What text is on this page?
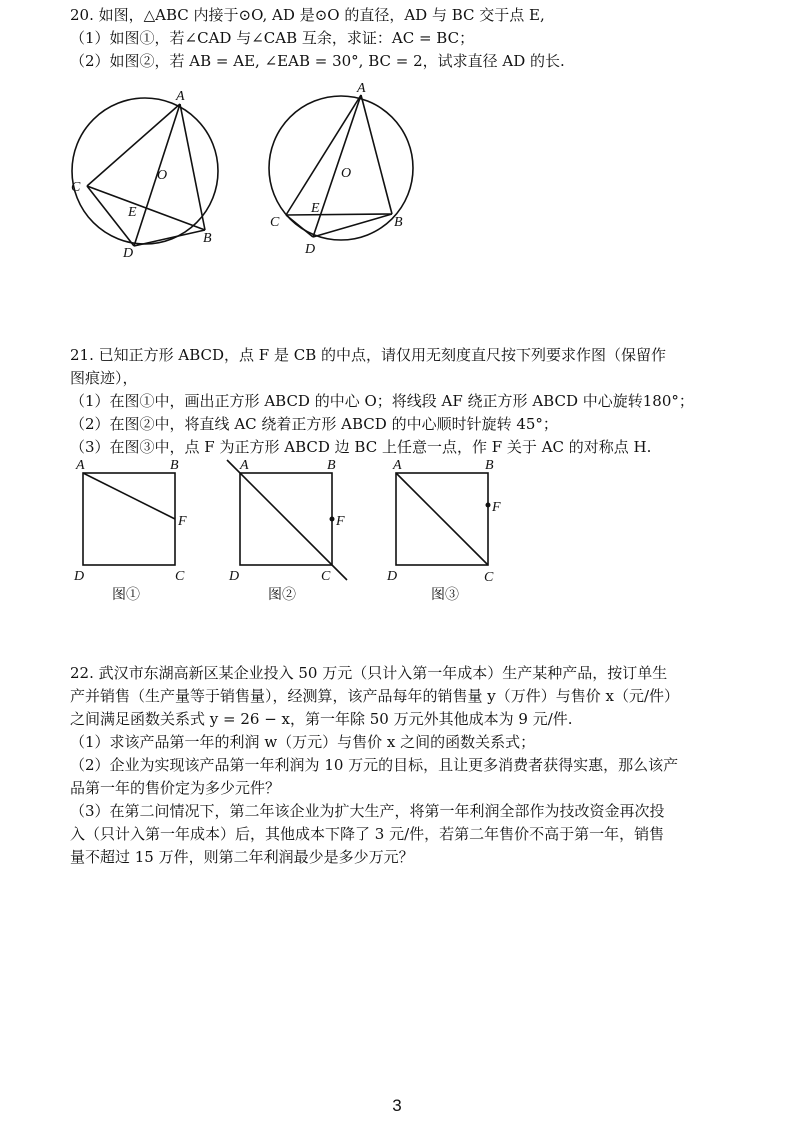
20. 如图，△ABC 内接于⊙O, AD 是⊙O 的直径，AD 与 BC 交于点 E,
（1）如图①，若∠CAD 与∠CAB 互余，求证：AC = BC；
（2）如图②，若 AB = AE, ∠EAB = 30°, BC = 2，试求直径 AD 的长.
A
O
C
E
B
D
A
O
C
E
B
D
21. 已知正方形 ABCD，点 F 是 CB 的中点，请仅用无刻度直尺按下列要求作图（保留作
图痕迹），
（1）在图①中，画出正方形 ABCD 的中心 O；将线段 AF 绕正方形 ABCD 中心旋转180°；
（2）在图②中，将直线 AC 绕着正方形 ABCD 的中心顺时针旋转 45°；
（3）在图③中，点 F 为正方形 ABCD 边 BC 上任意一点，作 F 关于 AC 的对称点 H.
A	B
F
D	C
图①
A	B
F
D	C
图②
A	B
F
D	C
图③
22. 武汉市东湖高新区某企业投入 50 万元（只计入第一年成本）生产某种产品，按订单生
产并销售（生产量等于销售量），经测算，该产品每年的销售量 y（万件）与售价 x（元/件）
之间满足函数关系式 y = 26 − x，第一年除 50 万元外其他成本为 9 元/件.
（1）求该产品第一年的利润 w（万元）与售价 x 之间的函数关系式；
（2）企业为实现该产品第一年利润为 10 万元的目标，且让更多消费者获得实惠，那么该产
品第一年的售价定为多少元件？
（3）在第二问情况下，第二年该企业为扩大生产，将第一年利润全部作为技改资金再次投
入（只计入第一年成本）后，其他成本下降了 3 元/件，若第二年售价不高于第一年，销售
量不超过 15 万件，则第二年利润最少是多少万元？
3
